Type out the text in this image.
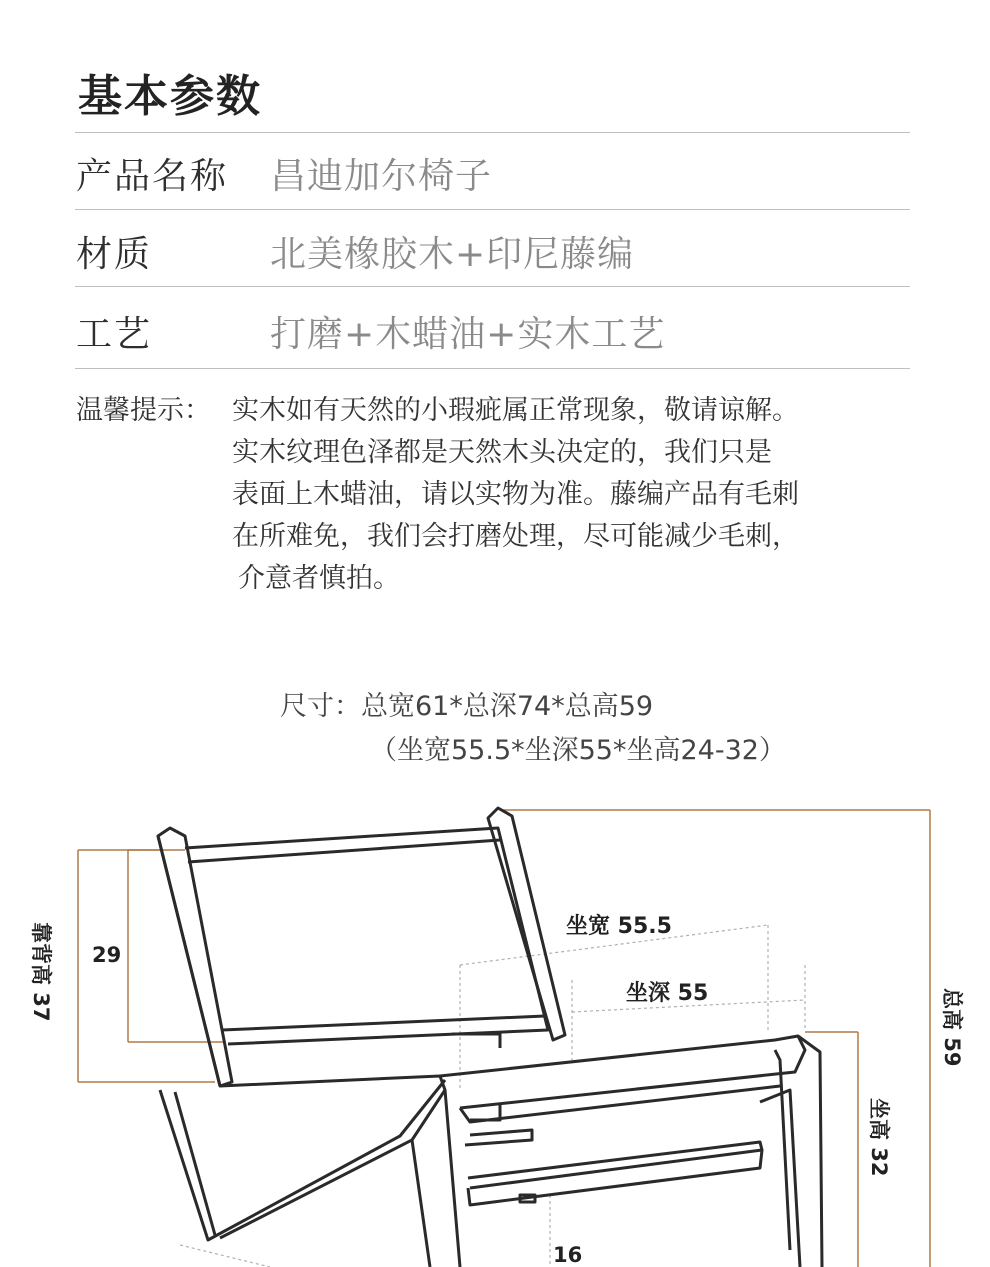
基本参数
产品名称 昌迪加尔椅子
材质	北美橡胶木+印尼藤编
工艺	打磨+木蜡油+实木工艺
温馨提示： 实木如有天然的小瑕疵属正常现象，敬请谅解。
实木纹理色泽都是天然木头决定的，我们只是
表面上木蜡油，请以实物为准。藤编产品有毛刺
在所难免，我们会打磨处理，尽可能减少毛刺，
介意者慎拍。
尺寸：总宽61*总深74*总高59
（坐宽55.5*坐深55*坐高24-32）
靠背高 37 29
坐宽 55.5
坐深 55	总高 59
坐高 32
16
